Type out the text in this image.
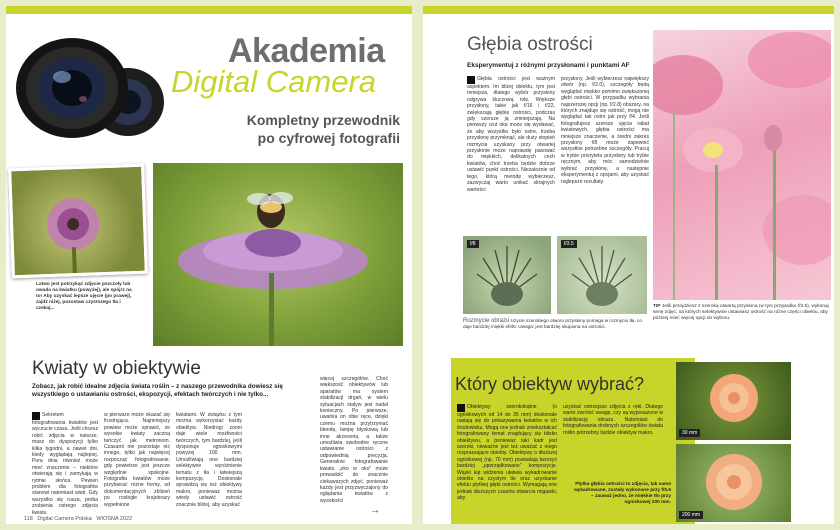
Akademia
Digital Camera
Kompletny przewodnik
po cyfrowej fotografii
Latwo jest potrzykąć zdjęcie pszczoły lub owada na kwiatku (powyżej), ale spójrz na to! Aby uzyskać lepsze ujęcie (po prawej), zajdź niżej, pozostaw czystszego tła i czekaj...
Kwiaty w obiektywie
Zobacz, jak robić idealne zdjęcia świata roślin – z naszego przewodnika dowiesz się wszystkiego o ustawianiu ostrości, ekspozycji, efektach twórczych i nie tylko...
Sekretem fotografowania kwiatów jest wyczucie czasu. Jeśli chcesz robić zdjęcia w naturze, masz do dyspozycji tylko kilka tygodni, a nawet dni, kiedy wyglądają najlepiej. Pora dnia również może mieć znaczenie – niektóre otwierają się i zamykają w rytmie słońca. Pewien problem dla fotografów stanowi natomiast wiatr. Gdy wszystko się rusza, proba zrobienia ostrego zdjęcia kwiatu
w pierwsze może okazać się frustrująca. Najmniejszy powiew może sprawić, że wysokie kwiaty zaczną tańczyć jak metronom. Czasami nie pozostaje nic innego, tylko jak najwięcej rozpocząć fotografowanie, gdy powietrze jest jeszcze względnie spokojne. Fotografia kwiatów może przybierać różne formy, od dokumentacyjnych zbliżeń po rozległe krajobrazy wypełnione
kwiatami. W związku z tym można wykorzystać każdy obiektyw. Niedrogi zoom daje wiele możliwości twórczych, tym bardziej, jeśli dysponuje ogniskowymi powyżej 100 mm. Umożliwiają one bardziej selektywne wyróżnienie tematu z tła i łatwiejszą kompozycję. Doskonale sprawdzą się też obiektywy makro, ponieważ można wtedy ustawić ostrość znacznie bliżej, aby uzyskać
więcej szczegółów. Choć większość obiektywów lub aparatów ma system stabilizacji drgań, w wielu sytuacjach statyw jest nadal konieczny. Po pierwsze, uwalnia on obie ręce, dzięki czemu można przytrzymać blendę, lampę błyskową lub inne akcesoria, a także umożliwia swobodne ręczne ustawianie ostrości z odpowiednią precyzją. Generalnie fotografowanie kwiatu „oko w oko” może prowadzić do znacznie ciekawszych zdjęć, ponieważ każdy jest przyzwyczajony do oglądania kwiatów z wysokości
→
118 Digital Camera Polska WIOSNA 2022
Głębia ostrości
Eksperymentuj z różnymi przysłonami i punktami AF
Głębia ostrości jest ważnym aspektem. Im bliżej obiektu, tym jest mniejsza, dlatego wybór przysłony odgrywa kluczową rolę. Większe przysłony, takie jak f/16 i f/22, zwiększają głębię ostrości, podczas gdy szersze ją zmniejszają. Na pierwszy rzut oka może się wydawać, że aby wszystko było ostre, trzeba przysłonę przymknąć, ale duży stopień rozmycia uzyskany przy otwartej przysłonie może naprawdę pasować do miękkich, delikatnych cech kwiatów, choć trzeba będzie dobrze ustawić punkt ostrości. Niezależnie od tego, którą metodę wybierzesz, zazwyczaj warto unikać skrajnych wartości
przysłony. Jeśli wybierzesz największy otwór (np. f/2.0), szczegóły będą wyglądać miękko pomimo zwiększonej głębi ostrości. W przypadku wybrania najszerszej opcji (np. f/2.8) obszary, na których znajduje się ostrość, mogą nie wyglądać tak ostro jak przy f/4. Jeśli fotografujesz szersze ujęcia rabat kwiatowych, głębia ostrości ma mniejsze znaczenie, a średni zakres przysłony f/8 może zapewnić wszystkie potrzebne szczegóły. Pracuj w trybie priorytetu przysłony lub trybie ręcznym, aby móc samodzielnie wybrać przysłonę, a następnie eksperymentuj z opcjami, aby uzyskać najlepsze rezultaty.
f/8	f/3.5
Rozmycie obrazu Użycie szerokiego otworu przysłony pomaga w rozmyciu tła, co daje bardziej miękki efekt. Uwaga: jest bardziej skupiona na ostrości.
TIP Jeśli przejdziesz z szeroką otwartą przysłoną (w tym przypadku f/3.5), wykonaj serię zdjęć, na których selektywnie ustawiasz ostrość na różne części obiektu, aby później mieć więcej opcji do wyboru.
Który obiektyw wybrać?
Obiektywy szerokokątne (o ogniskowych od 14 do 35 mm) doskonale nadają się do pokazywania kwiatów w ich środowisku. Mogą one jednak zniekształcać fotografowany temat znajdujący się blisko obiektywu, a ponieważ taki kadr jest szeroki, nieważne jest też uważać z niego rozpraszające obiekty. Obiektywy o dłuższej ogniskowej (np. 70 mm) pozwalają tworzyć bardziej „uporządkowane” kompozycje. Wąski kąt widzenia ułatwia wykadrowanie obiektu na czystym tle oraz uzyskanie efektu płytkiej głębi ostrości. Wymagają one jednak dłuższych czasów otwarcia migawki, aby
uzyskać ostrzejsze zdjęcia z ręki. Dlatego warto zwrócić uwagę, czy są wyposażone w stabilizację obrazu. Natomiast do fotografowania drobnych szczegółów świata roślin potrzebny będzie obiektyw makro.
Płytka głębia ostrości to zdjęcia, tak same wykadrowane, zostały wykonane przy f/5.6 – zauważ jedno, że miękkie tło przy ogniskowej 200 mm.
30 mm
200 mm
